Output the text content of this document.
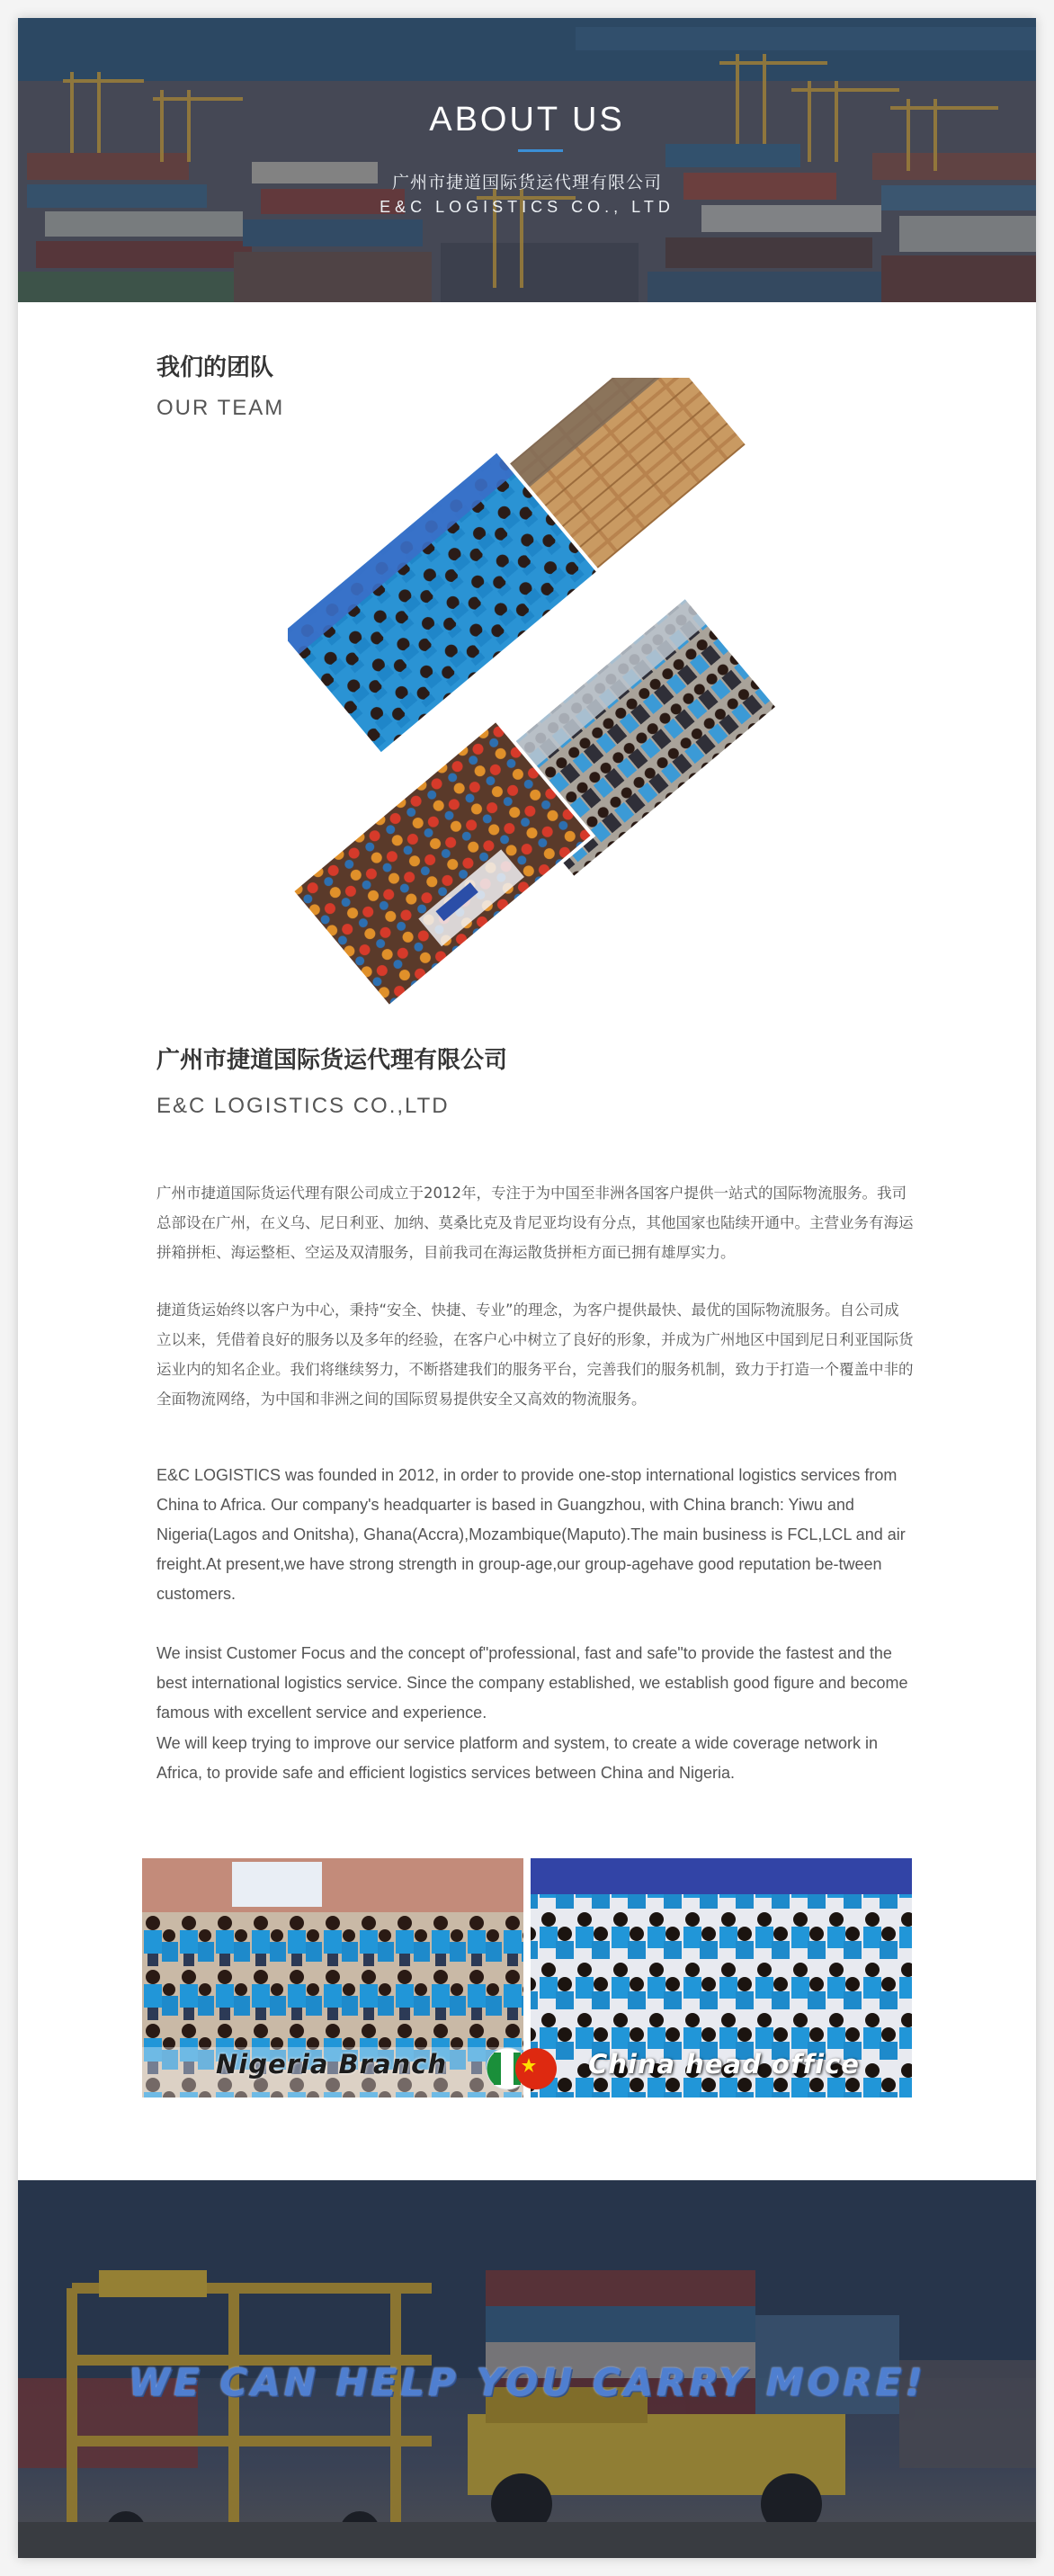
ABOUT US
广州市捷道国际货运代理有限公司
E&C LOGISTICS CO., LTD
我们的团队
OUR TEAM
广州市捷道国际货运代理有限公司
E&C LOGISTICS CO.,LTD
广州市捷道国际货运代理有限公司成立于2012年，专注于为中国至非洲各国客户提供一站式的国际物流服务。我司总部设在广州，在义乌、尼日利亚、加纳、莫桑比克及肯尼亚均设有分点，其他国家也陆续开通中。主营业务有海运拼箱拼柜、海运整柜、空运及双清服务，目前我司在海运散货拼柜方面已拥有雄厚实力。
捷道货运始终以客户为中心，秉持“安全、快捷、专业”的理念，为客户提供最快、最优的国际物流服务。自公司成立以来，凭借着良好的服务以及多年的经验，在客户心中树立了良好的形象，并成为广州地区中国到尼日利亚国际货运业内的知名企业。我们将继续努力，不断搭建我们的服务平台，完善我们的服务机制，致力于打造一个覆盖中非的全面物流网络，为中国和非洲之间的国际贸易提供安全又高效的物流服务。
E&C LOGISTICS was founded in 2012, in order to provide one-stop international logistics services from China to Africa. Our company's headquarter is based in Guangzhou, with China branch: Yiwu and Nigeria(Lagos and Onitsha), Ghana(Accra),Mozambique(Maputo).The main business is FCL,LCL and air freight.At present,we have strong strength in group-age,our group-agehave good reputation be-tween customers.
We insist Customer Focus and the concept of"professional, fast and safe"to provide the fastest and the best international logistics service. Since the company established, we establish good figure and become famous with excellent service and experience.
We will keep trying to improve our service platform and system, to create a wide coverage network in Africa, to provide safe and efficient logistics services between China and Nigeria.
Nigeria Branch	China head office
WE CAN HELP YOU CARRY MORE!
